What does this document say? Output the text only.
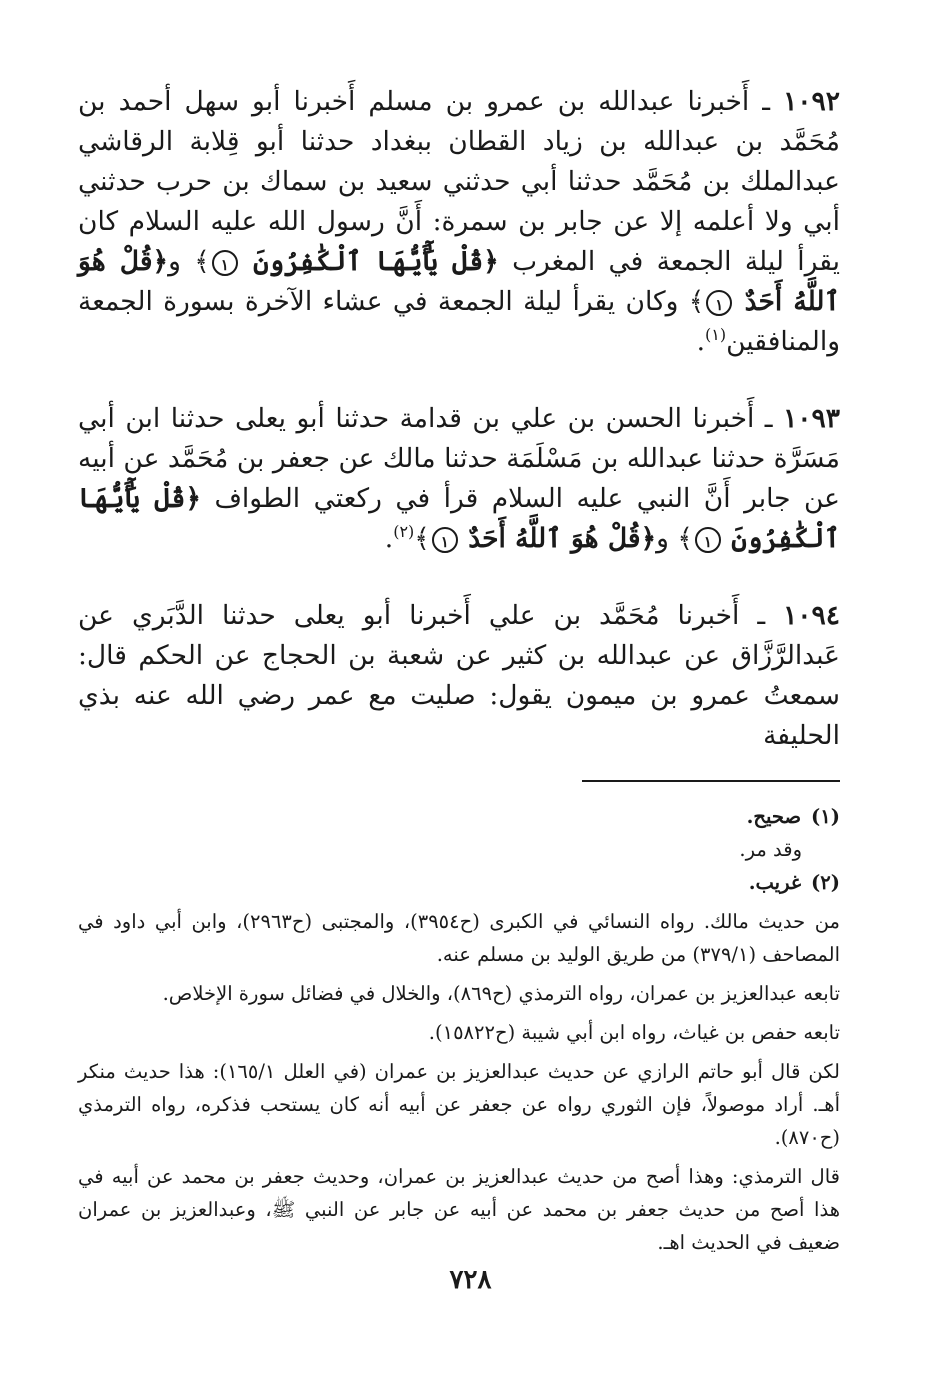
١٠٩٢ ـ أَخبرنا عبدالله بن عمرو بن مسلم أَخبرنا أبو سهل أحمد بن مُحَمَّد بن عبدالله بن زياد القطان ببغداد حدثنا أبو قِلابة الرقاشي عبدالملك بن مُحَمَّد حدثنا أبي حدثني سعيد بن سماك بن حرب حدثني أبي ولا أعلمه إلا عن جابر بن سمرة: أَنَّ رسول الله عليه السلام كان يقرأ ليلة الجمعة في المغرب ﴿قُلْ يَٰٓأَيُّهَا ٱلْكَٰفِرُونَ ١﴾ و﴿قُلْ هُوَ ٱللَّهُ أَحَدٌ ١﴾ وكان يقرأ ليلة الجمعة في عشاء الآخرة بسورة الجمعة والمنافقين$^{(١)}$.

١٠٩٣ ـ أَخبرنا الحسن بن علي بن قدامة حدثنا أبو يعلى حدثنا ابن أبي مَسَرَّة حدثنا عبدالله بن مَسْلَمَة حدثنا مالك عن جعفر بن مُحَمَّد عن أبيه عن جابر أَنَّ النبي عليه السلام قرأ في ركعتي الطواف ﴿قُلْ يَٰٓأَيُّهَا ٱلْكَٰفِرُونَ ١﴾ و﴿قُلْ هُوَ ٱللَّهُ أَحَدٌ ١﴾$^{(٢)}$.

١٠٩٤ ـ أَخبرنا مُحَمَّد بن علي أَخبرنا أبو يعلى حدثنا الدَّبَري عن عَبدالرَّزَّاق عن عبدالله بن كثير عن شعبة بن الحجاج عن الحكم قال: سمعتُ عمرو بن ميمون يقول: صليت مع عمر رضي الله عنه بذي الحليفة

(١)صحيح.

وقد مر.

(٢)غريب.

من حديث مالك. رواه النسائي في الكبرى (ح٣٩٥٤)، والمجتبى (ح٢٩٦٣)، وابن أبي داود في المصاحف (٣٧٩/١) من طريق الوليد بن مسلم عنه.

تابعه عبدالعزيز بن عمران، رواه الترمذي (ح٨٦٩)، والخلال في فضائل سورة الإخلاص.

تابعه حفص بن غياث، رواه ابن أبي شيبة (ح١٥٨٢٢).

لكن قال أبو حاتم الرازي عن حديث عبدالعزيز بن عمران (في العلل ١٦٥/١): هذا حديث منكر أهـ. أراد موصولاً، فإن الثوري رواه عن جعفر عن أبيه أنه كان يستحب فذكره، رواه الترمذي (ح٨٧٠).

قال الترمذي: وهذا أصح من حديث عبدالعزيز بن عمران، وحديث جعفر بن محمد عن أبيه في هذا أصح من حديث جعفر بن محمد عن أبيه عن جابر عن النبي ﷺ، وعبدالعزيز بن عمران ضعيف في الحديث اهـ.

٧٢٨
